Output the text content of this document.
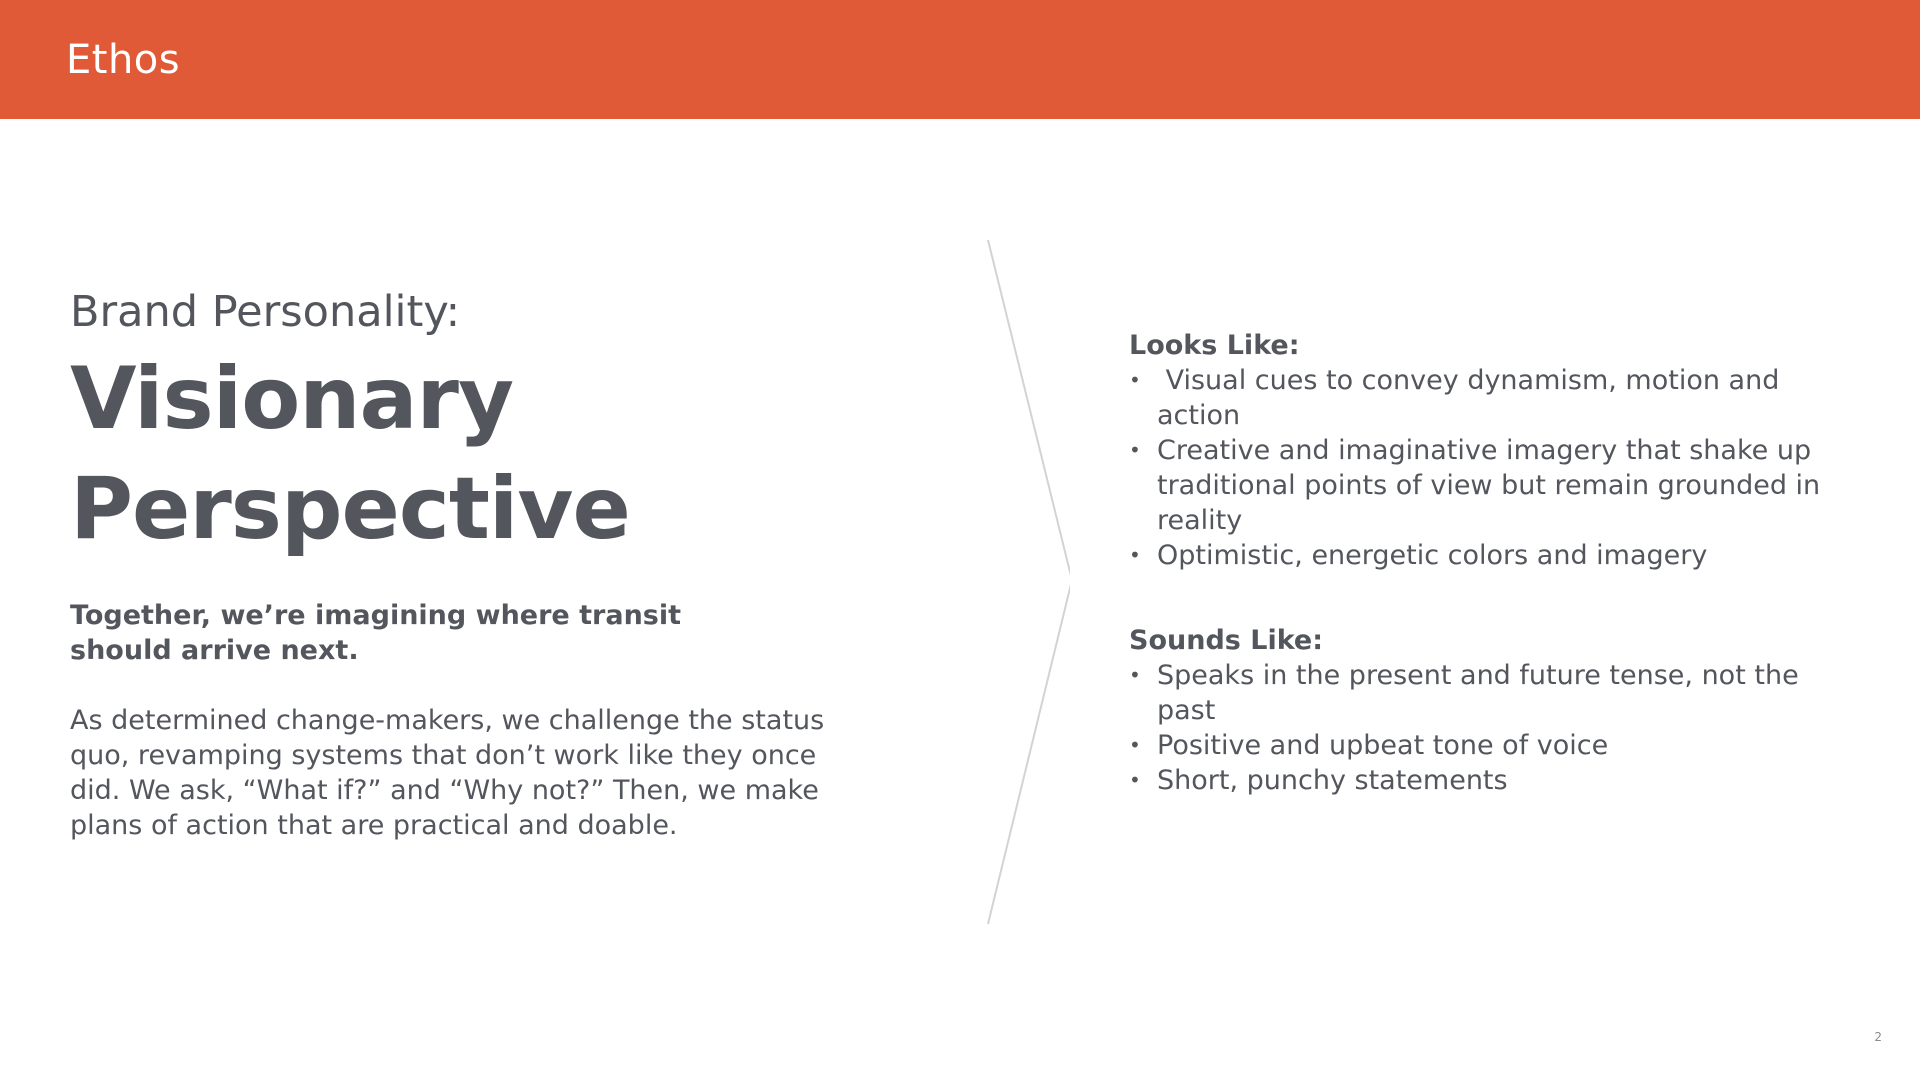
Ethos
Brand Personality:
Visionary
Perspective
Together, we’re imagining where transit should arrive next.
As determined change-makers, we challenge the status quo, revamping systems that don’t work like they once did. We ask, “What if?” and “Why not?” Then, we make plans of action that are practical and doable.
Looks Like:
• Visual cues to convey dynamism, motion and action
• Creative and imaginative imagery that shake up traditional points of view but remain grounded in reality
• Optimistic, energetic colors and imagery
Sounds Like:
• Speaks in the present and future tense, not the past
• Positive and upbeat tone of voice
• Short, punchy statements
2
